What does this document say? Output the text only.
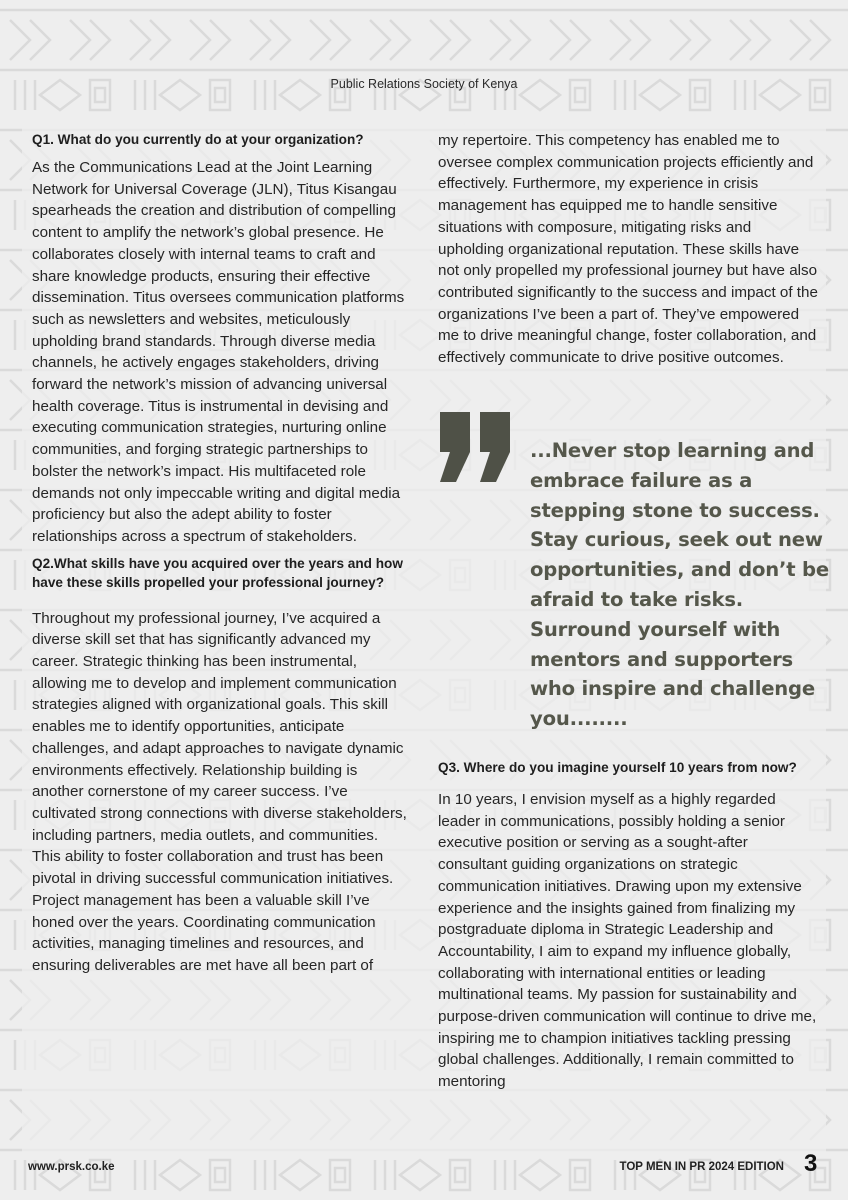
Public Relations Society of Kenya

Q1. What do you currently do at your organization?

As the Communications Lead at the Joint Learning Network for Universal Coverage (JLN), Titus Kisangau spearheads the creation and distribution of compelling content to amplify the network’s global presence. He collaborates closely with internal teams to craft and share knowledge products, ensuring their effective dissemination. Titus oversees communication platforms such as newsletters and websites, meticulously upholding brand standards. Through diverse media channels, he actively engages stakeholders, driving forward the network’s mission of advancing universal health coverage. Titus is instrumental in devising and executing communication strategies, nurturing online communities, and forging strategic partnerships to bolster the network’s impact. His multifaceted role demands not only impeccable writing and digital media proficiency but also the adept ability to foster relationships across a spectrum of stakeholders.

Q2.What skills have you acquired over the years and how have these skills propelled your professional journey?

Throughout my professional journey, I’ve acquired a diverse skill set that has significantly advanced my career. Strategic thinking has been instrumental, allowing me to develop and implement communication strategies aligned with organizational goals. This skill enables me to identify opportunities, anticipate challenges, and adapt approaches to navigate dynamic environments effectively. Relationship building is another cornerstone of my career success. I’ve cultivated strong connections with diverse stakeholders, including partners, media outlets, and communities. This ability to foster collaboration and trust has been pivotal in driving successful communication initiatives. Project management has been a valuable skill I’ve honed over the years. Coordinating communication activities, managing timelines and resources, and ensuring deliverables are met have all been part of

my repertoire. This competency has enabled me to oversee complex communication projects efficiently and effectively. Furthermore, my experience in crisis management has equipped me to handle sensitive situations with composure, mitigating risks and upholding organizational reputation. These skills have not only propelled my professional journey but have also contributed significantly to the success and impact of the organizations I’ve been a part of. They’ve empowered me to drive meaningful change, foster collaboration, and effectively communicate to drive positive outcomes.

...Never stop learning and embrace failure as a stepping stone to success. Stay curious, seek out new opportunities, and don’t be afraid to take risks. Surround yourself with mentors and supporters who inspire and challenge you........

Q3. Where do you imagine yourself 10 years from now?

In 10 years, I envision myself as a highly regarded leader in communications, possibly holding a senior executive position or serving as a sought-after consultant guiding organizations on strategic communication initiatives. Drawing upon my extensive experience and the insights gained from finalizing my postgraduate diploma in Strategic Leadership and Accountability, I aim to expand my influence globally, collaborating with international entities or leading multinational teams. My passion for sustainability and purpose-driven communication will continue to drive me, inspiring me to champion initiatives tackling pressing global challenges. Additionally, I remain committed to mentoring

www.prsk.co.ke	TOP MEN IN PR 2024 EDITION 3
